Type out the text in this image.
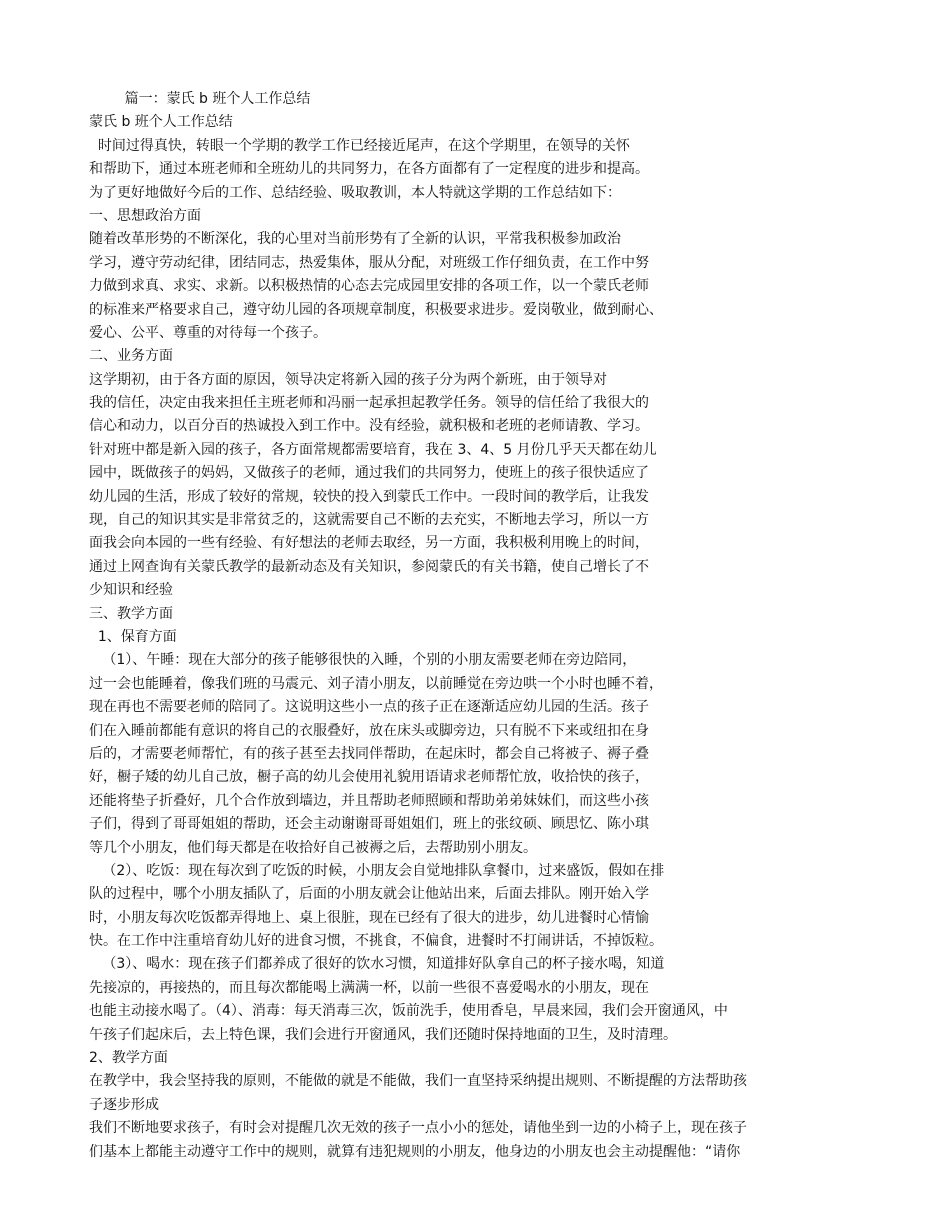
篇一：蒙氏 b 班个人工作总结
蒙氏 b 班个人工作总结
时间过得真快，转眼一个学期的教学工作已经接近尾声，在这个学期里，在领导的关怀
和帮助下，通过本班老师和全班幼儿的共同努力，在各方面都有了一定程度的进步和提高。
为了更好地做好今后的工作、总结经验、吸取教训，本人特就这学期的工作总结如下：
一、思想政治方面
随着改革形势的不断深化，我的心里对当前形势有了全新的认识，平常我积极参加政治
学习，遵守劳动纪律，团结同志，热爱集体，服从分配，对班级工作仔细负责，在工作中努
力做到求真、求实、求新。以积极热情的心态去完成园里安排的各项工作，以一个蒙氏老师
的标准来严格要求自己，遵守幼儿园的各项规章制度，积极要求进步。爱岗敬业，做到耐心、
爱心、公平、尊重的对待每一个孩子。
二、业务方面
这学期初，由于各方面的原因，领导决定将新入园的孩子分为两个新班，由于领导对
我的信任，决定由我来担任主班老师和冯丽一起承担起教学任务。领导的信任给了我很大的
信心和动力，以百分百的热诚投入到工作中。没有经验，就积极和老班的老师请教、学习。
针对班中都是新入园的孩子，各方面常规都需要培育，我在 3、4、5 月份几乎天天都在幼儿
园中，既做孩子的妈妈，又做孩子的老师，通过我们的共同努力，使班上的孩子很快适应了
幼儿园的生活，形成了较好的常规，较快的投入到蒙氏工作中。一段时间的教学后，让我发
现，自己的知识其实是非常贫乏的，这就需要自己不断的去充实，不断地去学习，所以一方
面我会向本园的一些有经验、有好想法的老师去取经，另一方面，我积极利用晚上的时间，
通过上网查询有关蒙氏教学的最新动态及有关知识，参阅蒙氏的有关书籍，使自己增长了不
少知识和经验
三、教学方面
1、保育方面
（1）、午睡：现在大部分的孩子能够很快的入睡，个别的小朋友需要老师在旁边陪同，
过一会也能睡着，像我们班的马震元、刘子清小朋友，以前睡觉在旁边哄一个小时也睡不着，
现在再也不需要老师的陪同了。这说明这些小一点的孩子正在逐渐适应幼儿园的生活。孩子
们在入睡前都能有意识的将自己的衣服叠好，放在床头或脚旁边，只有脱不下来或纽扣在身
后的，才需要老师帮忙，有的孩子甚至去找同伴帮助，在起床时，都会自己将被子、褥子叠
好，橱子矮的幼儿自己放，橱子高的幼儿会使用礼貌用语请求老师帮忙放，收拾快的孩子，
还能将垫子折叠好，几个合作放到墙边，并且帮助老师照顾和帮助弟弟妹妹们，而这些小孩
子们，得到了哥哥姐姐的帮助，还会主动谢谢哥哥姐姐们，班上的张纹硕、顾思忆、陈小琪
等几个小朋友，他们每天都是在收拾好自己被褥之后，去帮助别小朋友。
（2）、吃饭：现在每次到了吃饭的时候，小朋友会自觉地排队拿餐巾，过来盛饭，假如在排
队的过程中，哪个小朋友插队了，后面的小朋友就会让他站出来，后面去排队。刚开始入学
时，小朋友每次吃饭都弄得地上、桌上很脏，现在已经有了很大的进步，幼儿进餐时心情愉
快。在工作中注重培育幼儿好的进食习惯，不挑食，不偏食，进餐时不打闹讲话，不掉饭粒。
（3）、喝水：现在孩子们都养成了很好的饮水习惯，知道排好队拿自己的杯子接水喝，知道
先接凉的，再接热的，而且每次都能喝上满满一杯，以前一些很不喜爱喝水的小朋友，现在
也能主动接水喝了。（4）、消毒：每天消毒三次，饭前洗手，使用香皂，早晨来园，我们会开窗通风，中
午孩子们起床后，去上特色课，我们会进行开窗通风，我们还随时保持地面的卫生，及时清理。
2、教学方面
在教学中，我会坚持我的原则，不能做的就是不能做，我们一直坚持采纳提出规则、不断提醒的方法帮助孩
子逐步形成
我们不断地要求孩子，有时会对提醒几次无效的孩子一点小小的惩处，请他坐到一边的小椅子上，现在孩子
们基本上都能主动遵守工作中的规则，就算有违犯规则的小朋友，他身边的小朋友也会主动提醒他：“请你
